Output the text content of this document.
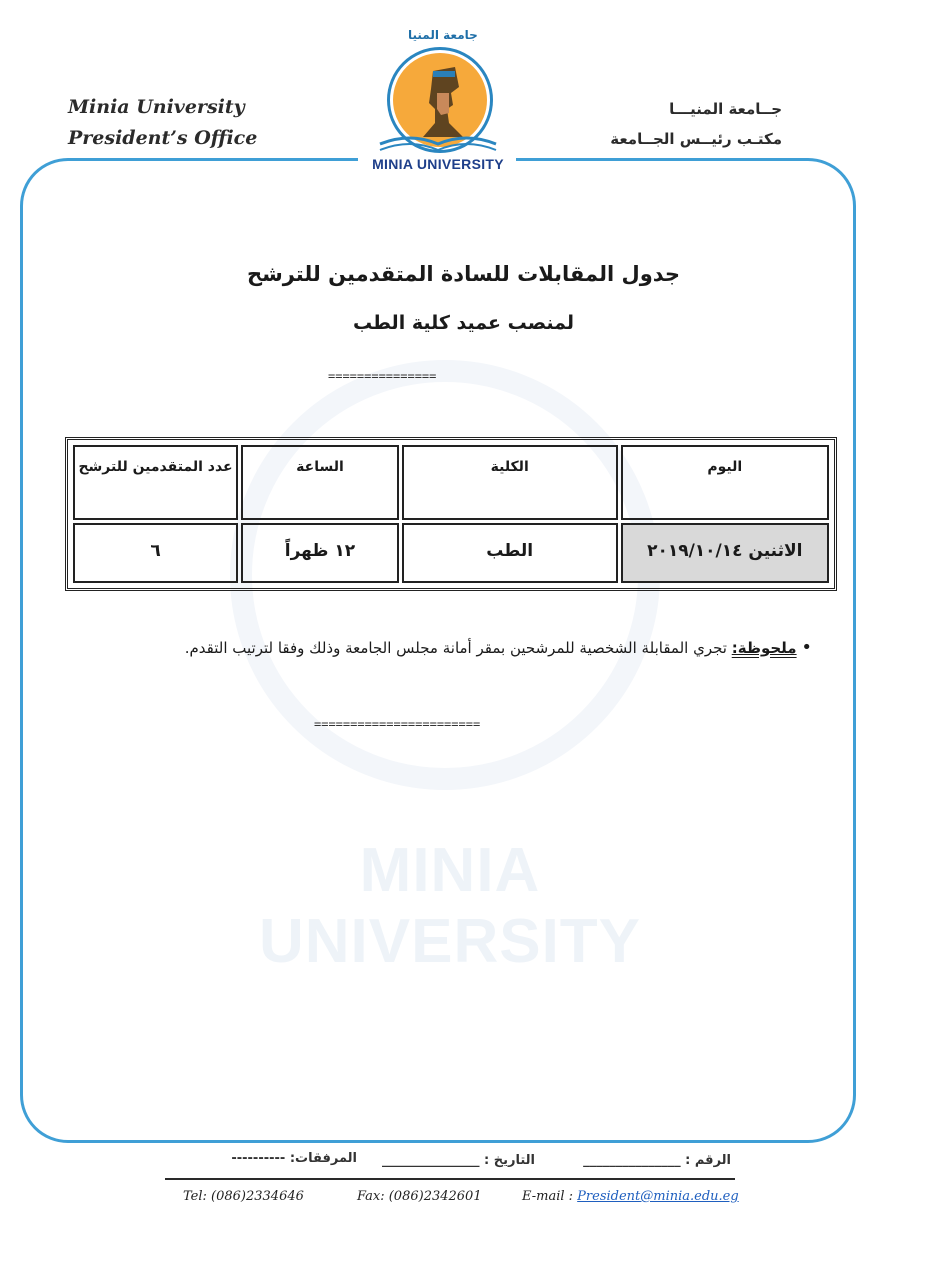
MINIA UNIVERSITY
Minia University
President’s Office
جــامعة المنيـــا
مكتـب رئيــس الجــامعة
جامعة المنيا
MINIA UNIVERSITY
جدول المقابلات للسادة المتقدمين للترشح
لمنصب عميد كلية الطب
===============
اليوم	الكلية	الساعة	عدد المتقدمين للترشح
الاثنين ٢٠١٩/١٠/١٤	الطب	١٢ ظهراً	٦
• ملحوظة: تجري المقابلة الشخصية للمرشحين بمقر أمانة مجلس الجامعة وذلك وفقا لترتيب التقدم.
=======================
الرقم : _______________
التاريخ : _______________
المرفقات: ----------
Tel: (086)2334646	Fax: (086)2342601	E-mail : President@minia.edu.eg
